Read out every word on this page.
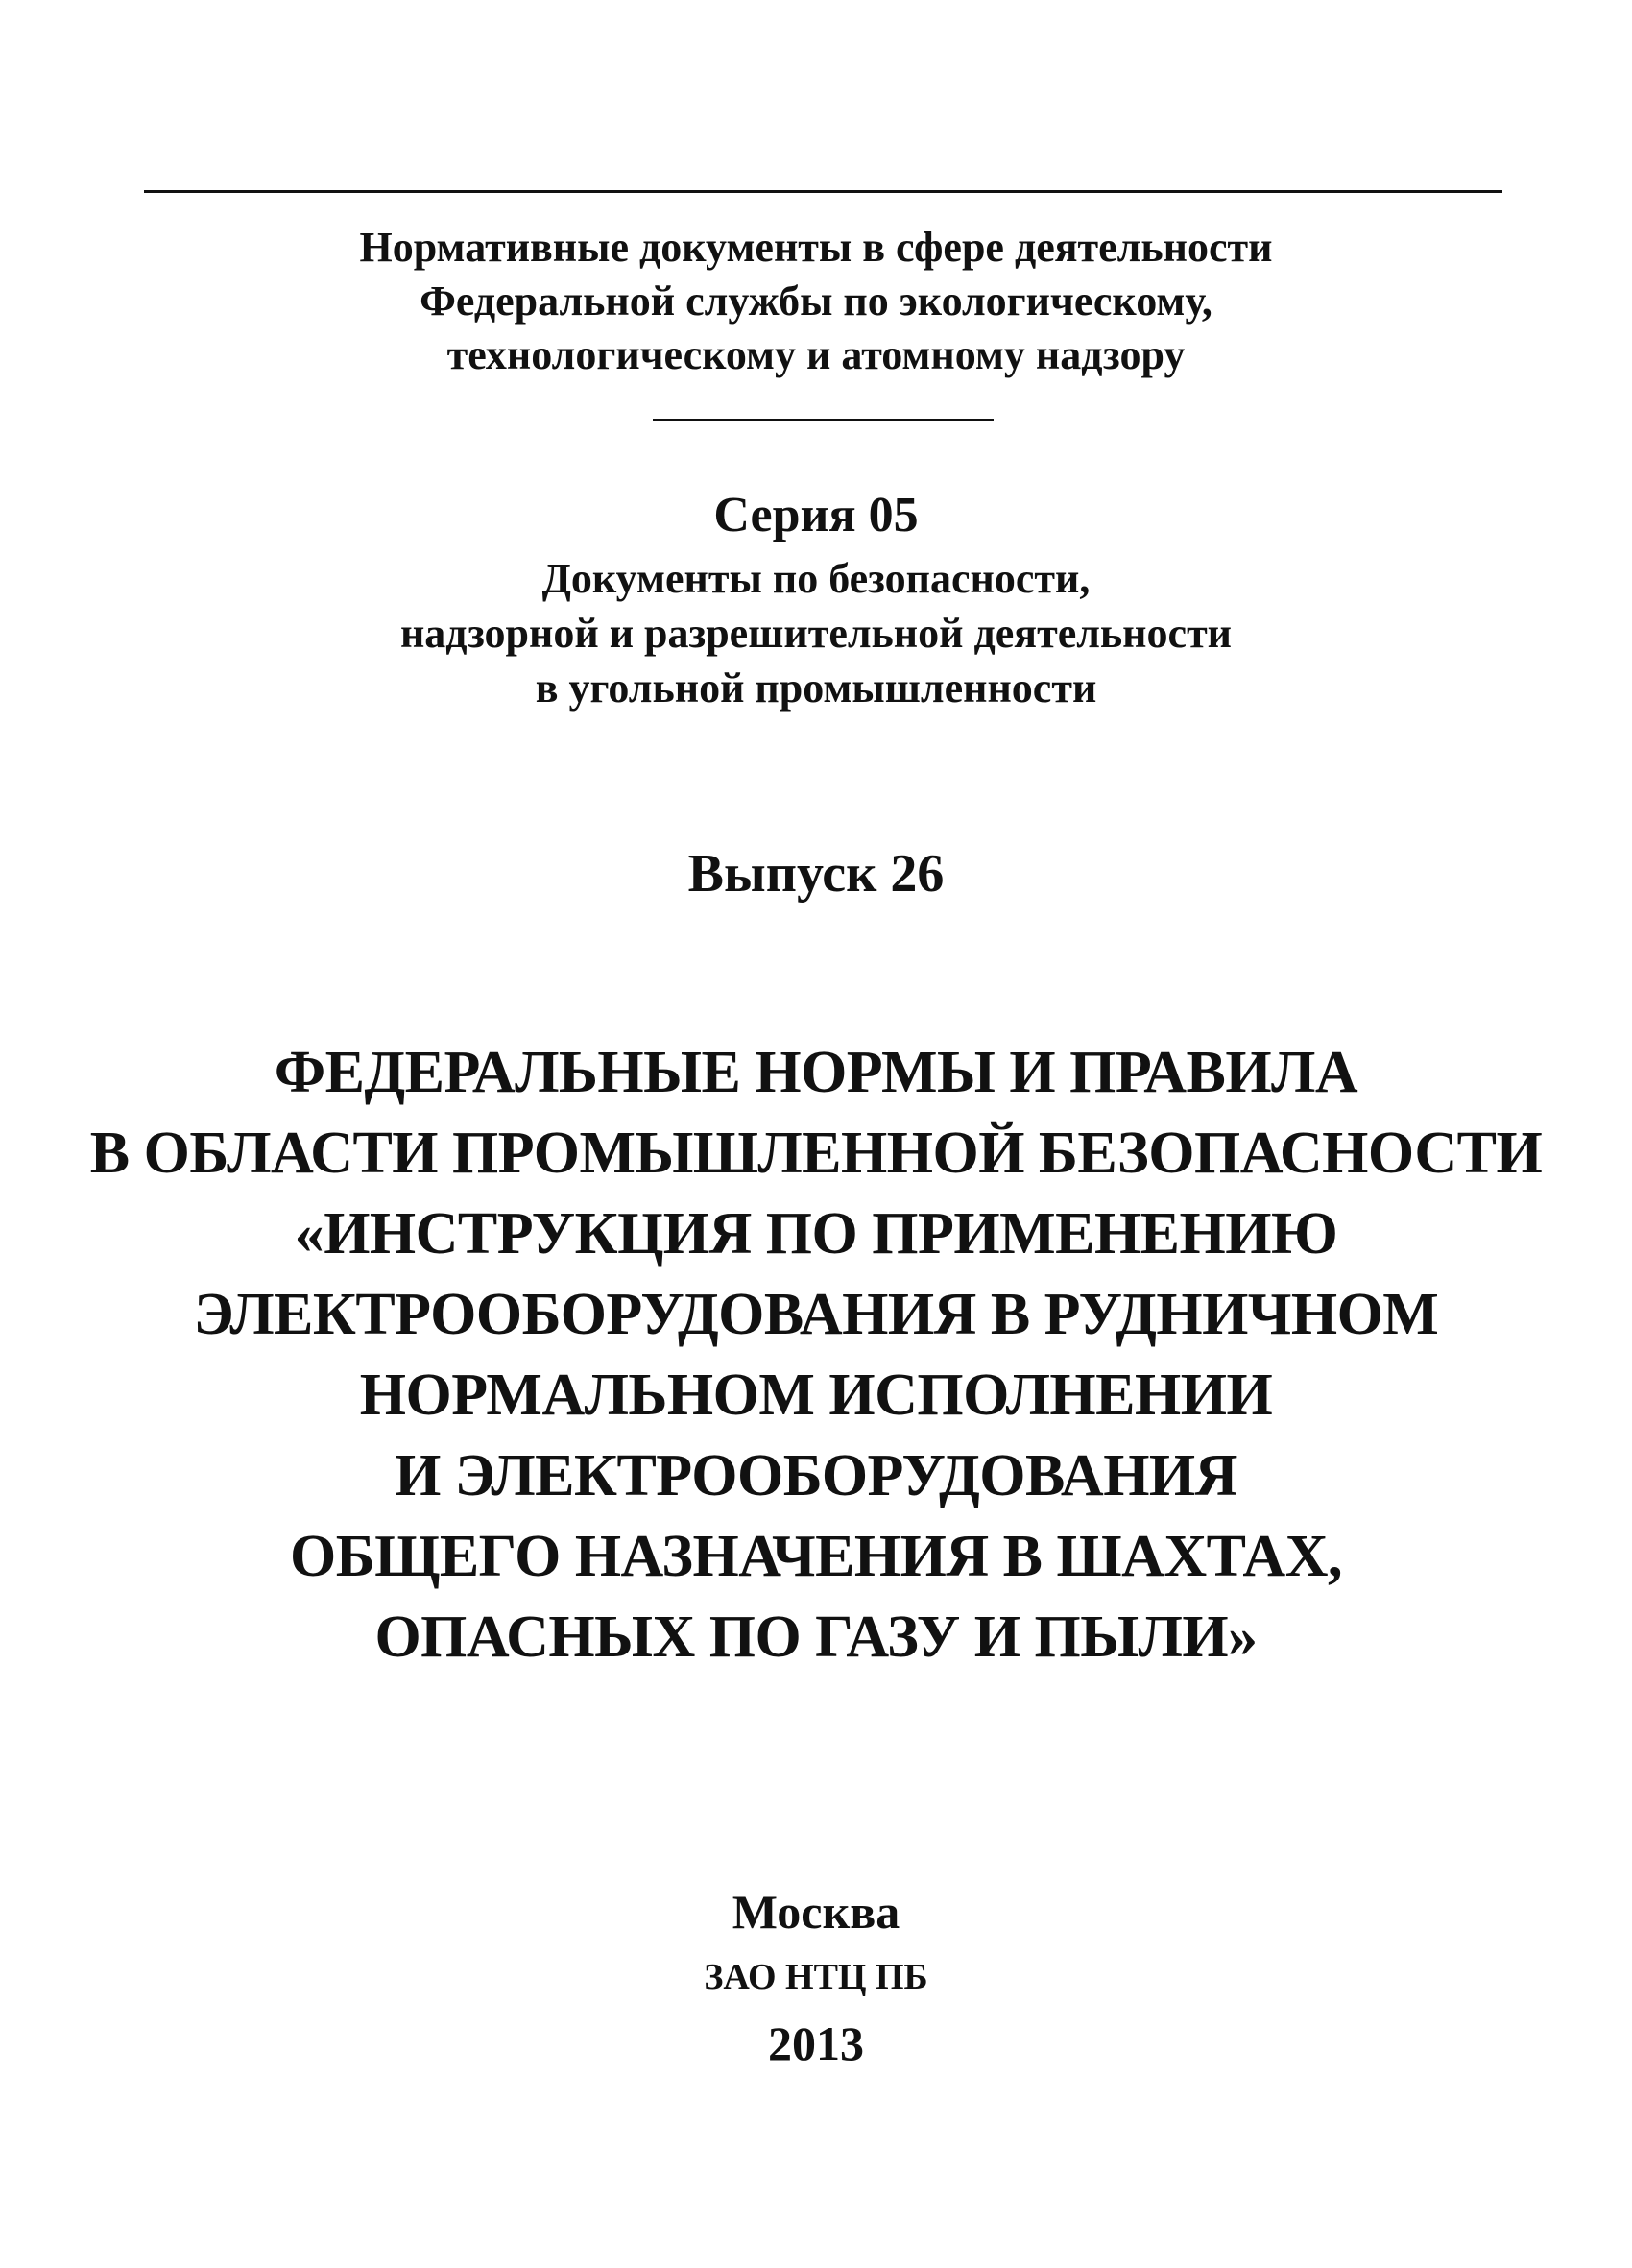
Нормативные документы в сфере деятельности
Федеральной службы по экологическому,
технологическому и атомному надзору
Серия 05
Документы по безопасности,
надзорной и разрешительной деятельности
в угольной промышленности
Выпуск 26
ФЕДЕРАЛЬНЫЕ НОРМЫ И ПРАВИЛА
В ОБЛАСТИ ПРОМЫШЛЕННОЙ БЕЗОПАСНОСТИ
«ИНСТРУКЦИЯ ПО ПРИМЕНЕНИЮ
ЭЛЕКТРООБОРУДОВАНИЯ В РУДНИЧНОМ
НОРМАЛЬНОМ ИСПОЛНЕНИИ
И ЭЛЕКТРООБОРУДОВАНИЯ
ОБЩЕГО НАЗНАЧЕНИЯ В ШАХТАХ,
ОПАСНЫХ ПО ГАЗУ И ПЫЛИ»
Москва
ЗАО НТЦ ПБ
2013
